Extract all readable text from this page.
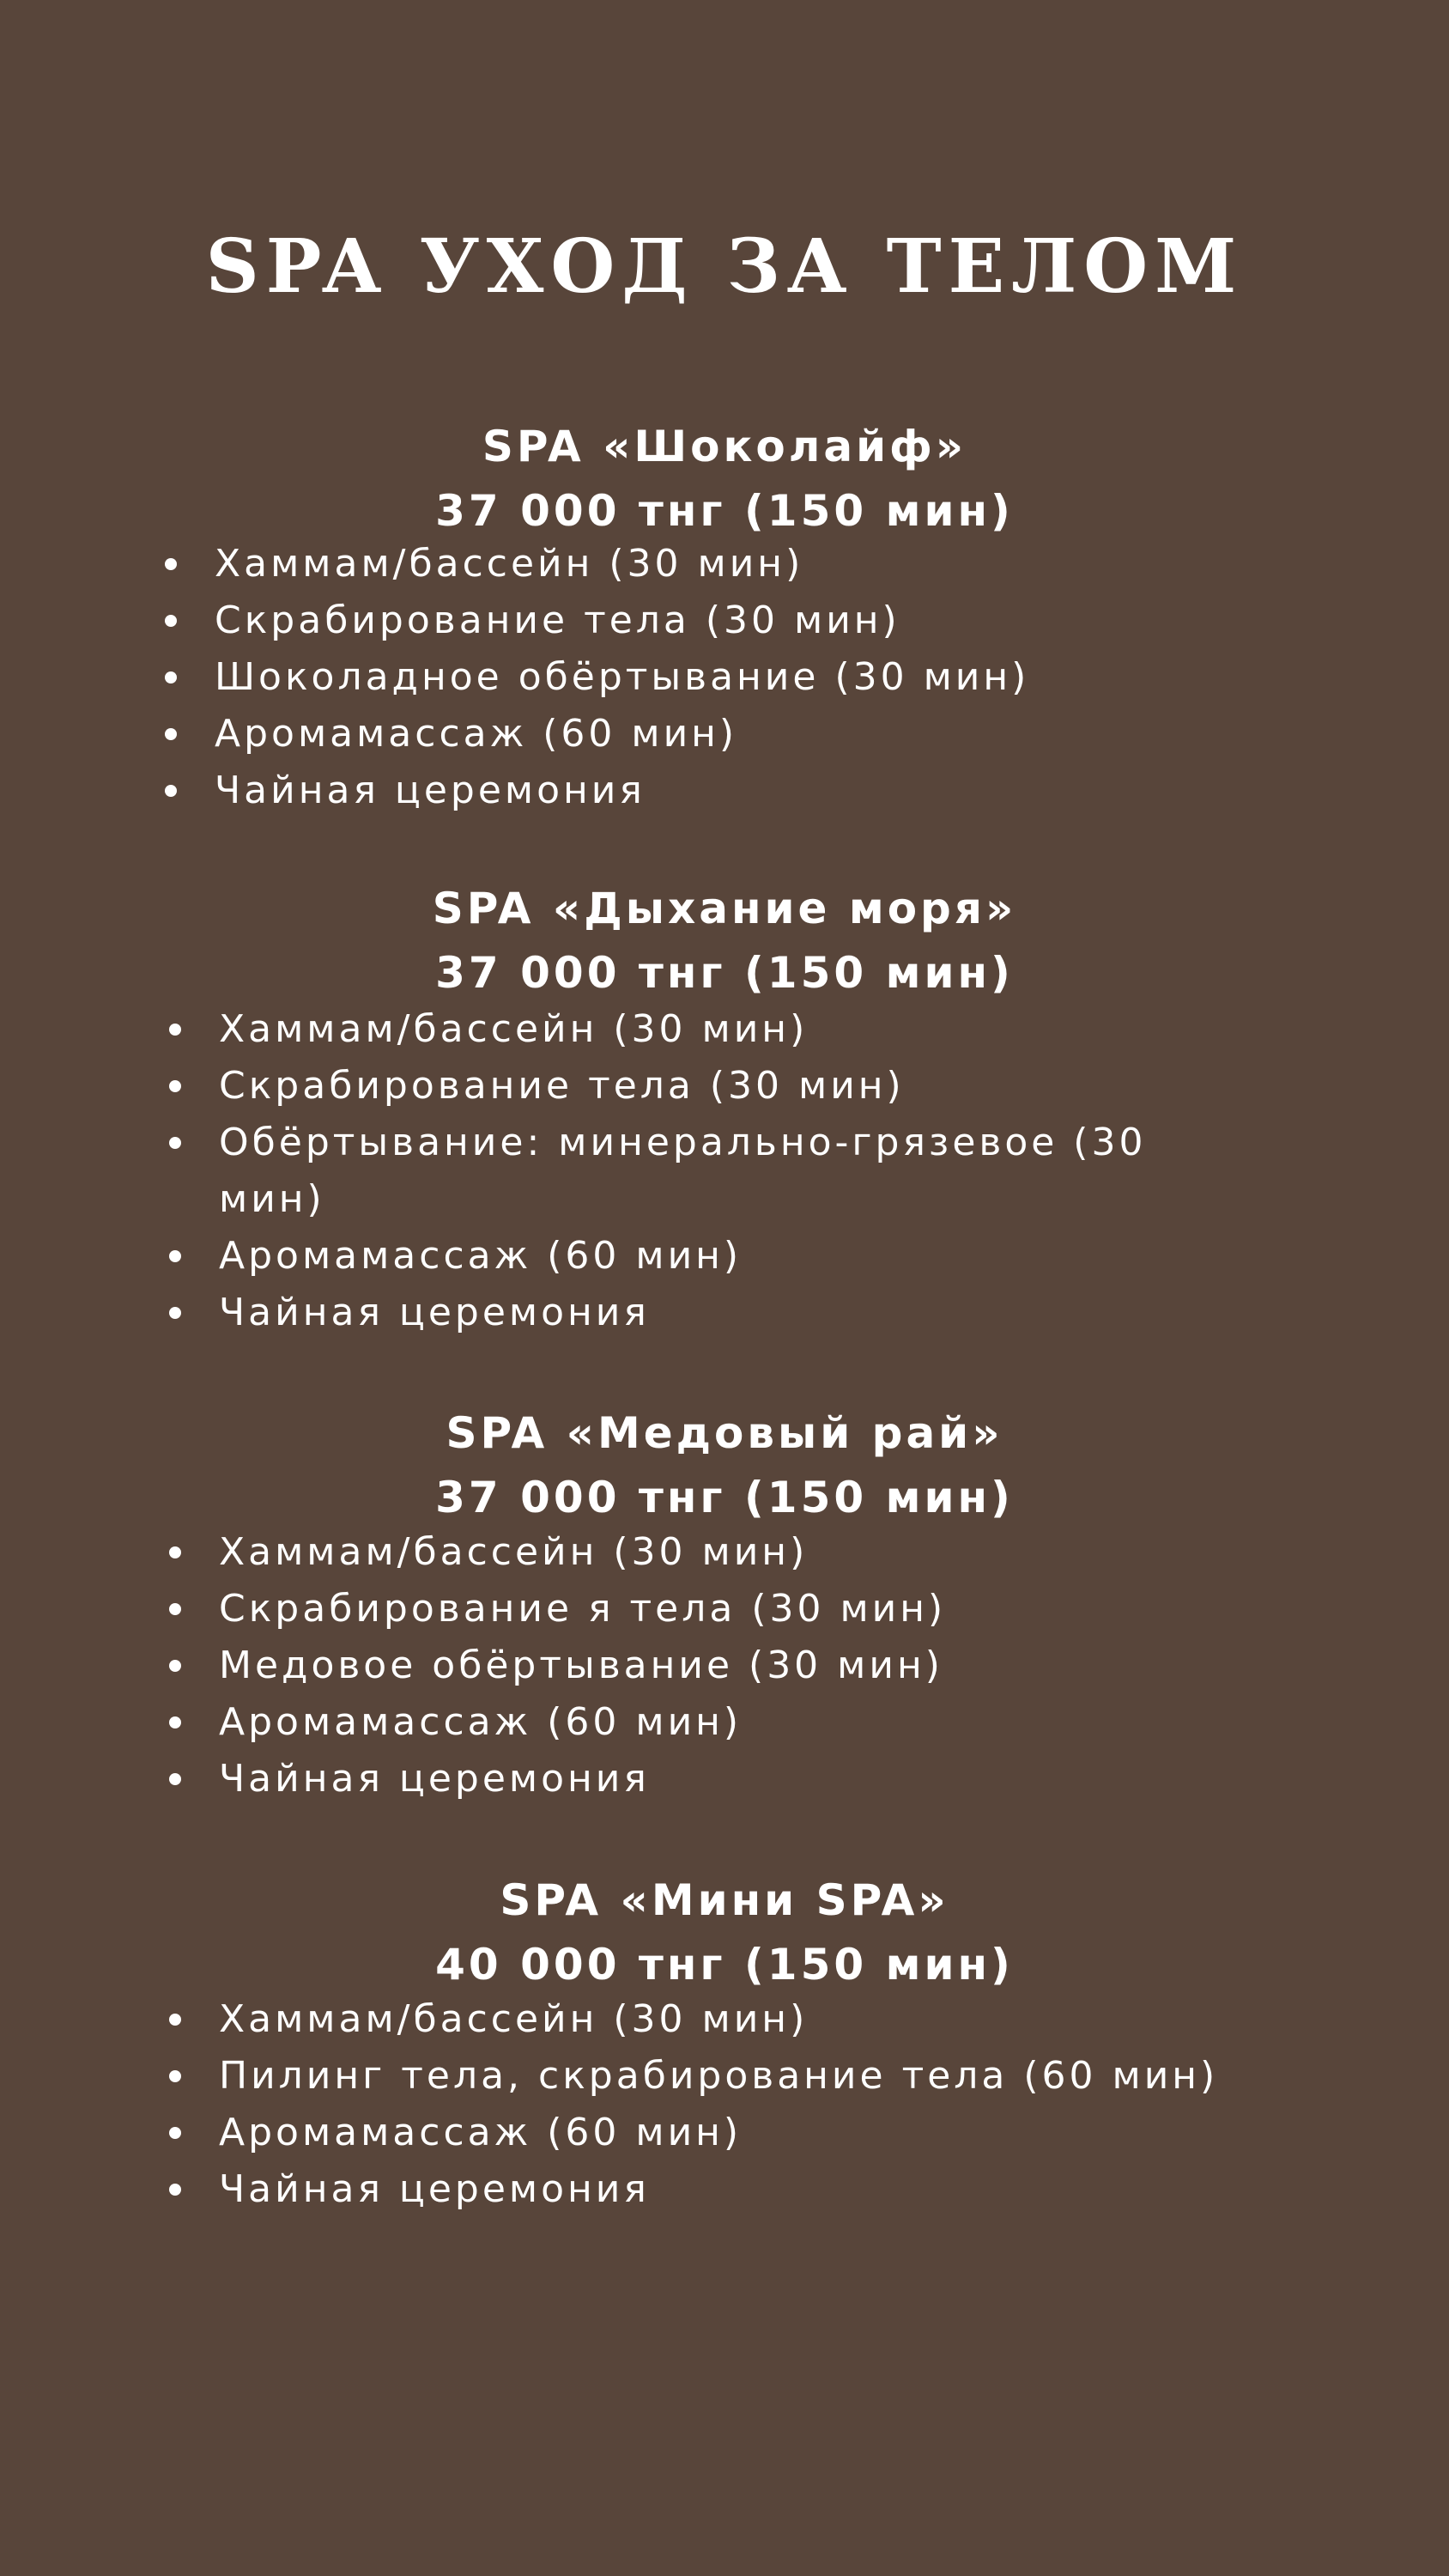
SPA УХОД ЗА ТЕЛОМ
SPA «Шоколайф»
37 000 тнг (150 мин)
Хаммам/бассейн (30 мин)
Скрабирование тела (30 мин)
Шоколадное обёртывание (30 мин)
Аромамассаж (60 мин)
Чайная церемония
SPA «Дыхание моря»
37 000 тнг (150 мин)
Хаммам/бассейн (30 мин)
Скрабирование тела (30 мин)
Обёртывание: минерально-грязевое (30 мин)
Аромамассаж (60 мин)
Чайная церемония
SPA «Медовый рай»
37 000 тнг (150 мин)
Хаммам/бассейн (30 мин)
Скрабирование я тела (30 мин)
Медовое обёртывание (30 мин)
Аромамассаж (60 мин)
Чайная церемония
SPA «Мини SPA»
40 000 тнг (150 мин)
Хаммам/бассейн (30 мин)
Пилинг тела, скрабирование тела (60 мин)
Аромамассаж (60 мин)
Чайная церемония
